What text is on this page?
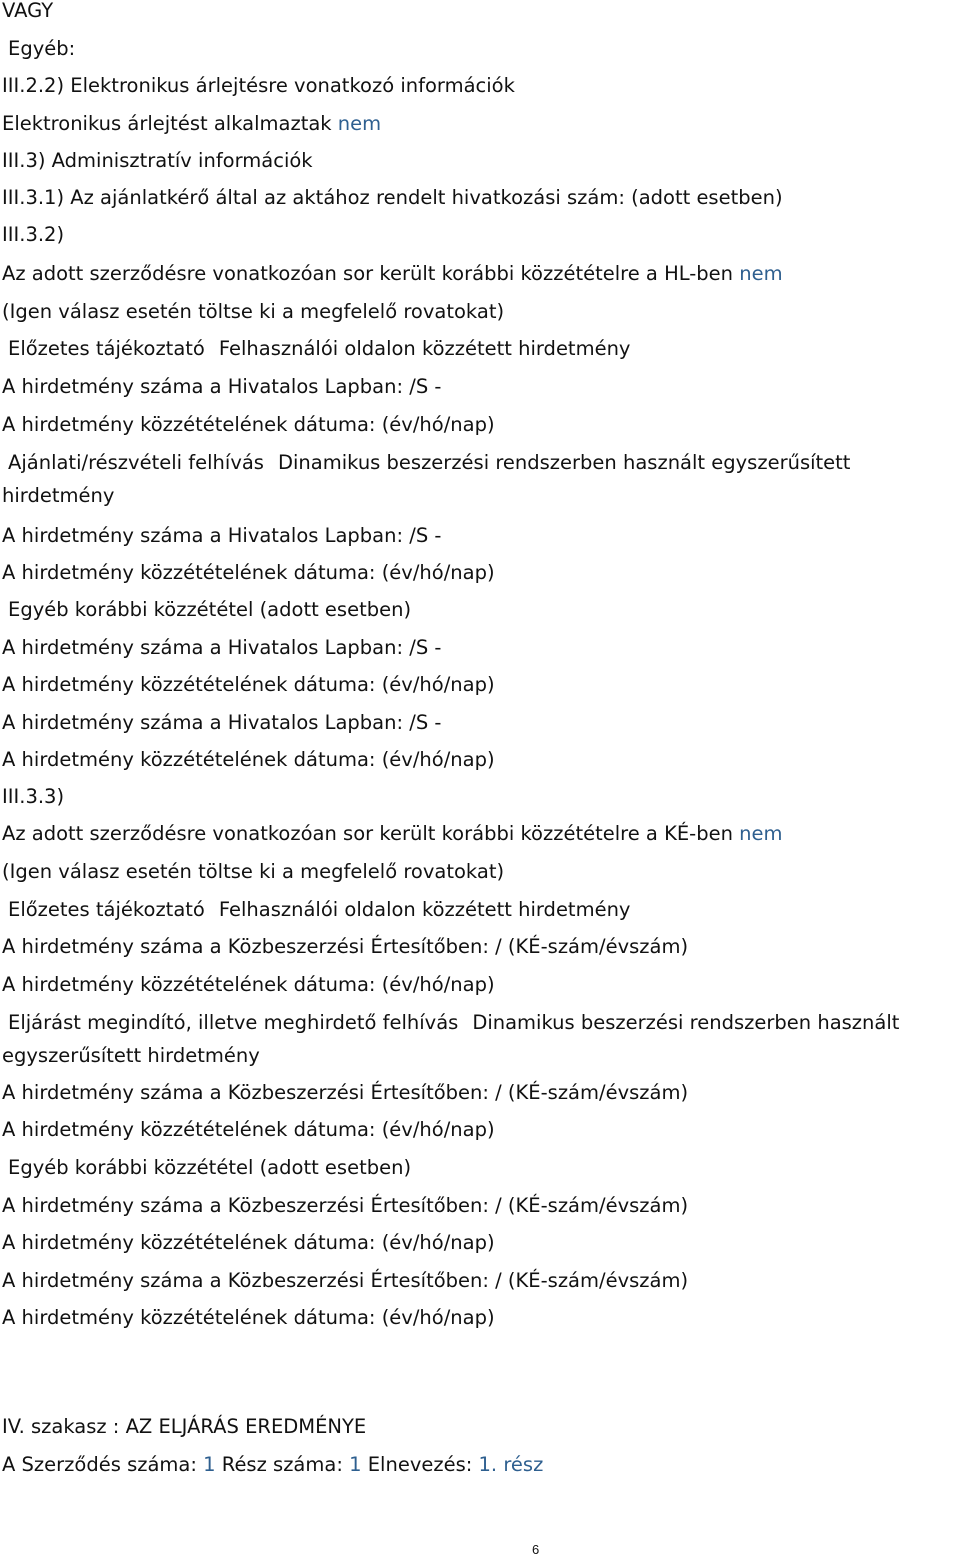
VAGY
Egyéb:
III.2.2) Elektronikus árlejtésre vonatkozó információk
Elektronikus árlejtést alkalmaztak nem
III.3) Adminisztratív információk
III.3.1) Az ajánlatkérő által az aktához rendelt hivatkozási szám: (adott esetben)
III.3.2)
Az adott szerződésre vonatkozóan sor került korábbi közzétételre a HL-ben nem
(Igen válasz esetén töltse ki a megfelelő rovatokat)
Előzetes tájékoztató Felhasználói oldalon közzétett hirdetmény
A hirdetmény száma a Hivatalos Lapban: /S -
A hirdetmény közzétételének dátuma: (év/hó/nap)
Ajánlati/részvételi felhívás Dinamikus beszerzési rendszerben használt egyszerűsített
hirdetmény
A hirdetmény száma a Hivatalos Lapban: /S -
A hirdetmény közzétételének dátuma: (év/hó/nap)
Egyéb korábbi közzététel (adott esetben)
A hirdetmény száma a Hivatalos Lapban: /S -
A hirdetmény közzétételének dátuma: (év/hó/nap)
A hirdetmény száma a Hivatalos Lapban: /S -
A hirdetmény közzétételének dátuma: (év/hó/nap)
III.3.3)
Az adott szerződésre vonatkozóan sor került korábbi közzétételre a KÉ-ben nem
(Igen válasz esetén töltse ki a megfelelő rovatokat)
Előzetes tájékoztató Felhasználói oldalon közzétett hirdetmény
A hirdetmény száma a Közbeszerzési Értesítőben: / (KÉ-szám/évszám)
A hirdetmény közzétételének dátuma: (év/hó/nap)
Eljárást megindító, illetve meghirdető felhívás Dinamikus beszerzési rendszerben használt
egyszerűsített hirdetmény
A hirdetmény száma a Közbeszerzési Értesítőben: / (KÉ-szám/évszám)
A hirdetmény közzétételének dátuma: (év/hó/nap)
Egyéb korábbi közzététel (adott esetben)
A hirdetmény száma a Közbeszerzési Értesítőben: / (KÉ-szám/évszám)
A hirdetmény közzétételének dátuma: (év/hó/nap)
A hirdetmény száma a Közbeszerzési Értesítőben: / (KÉ-szám/évszám)
A hirdetmény közzétételének dátuma: (év/hó/nap)
IV. szakasz : AZ ELJÁRÁS EREDMÉNYE
A Szerződés száma: 1 Rész száma: 1 Elnevezés: 1. rész
6
